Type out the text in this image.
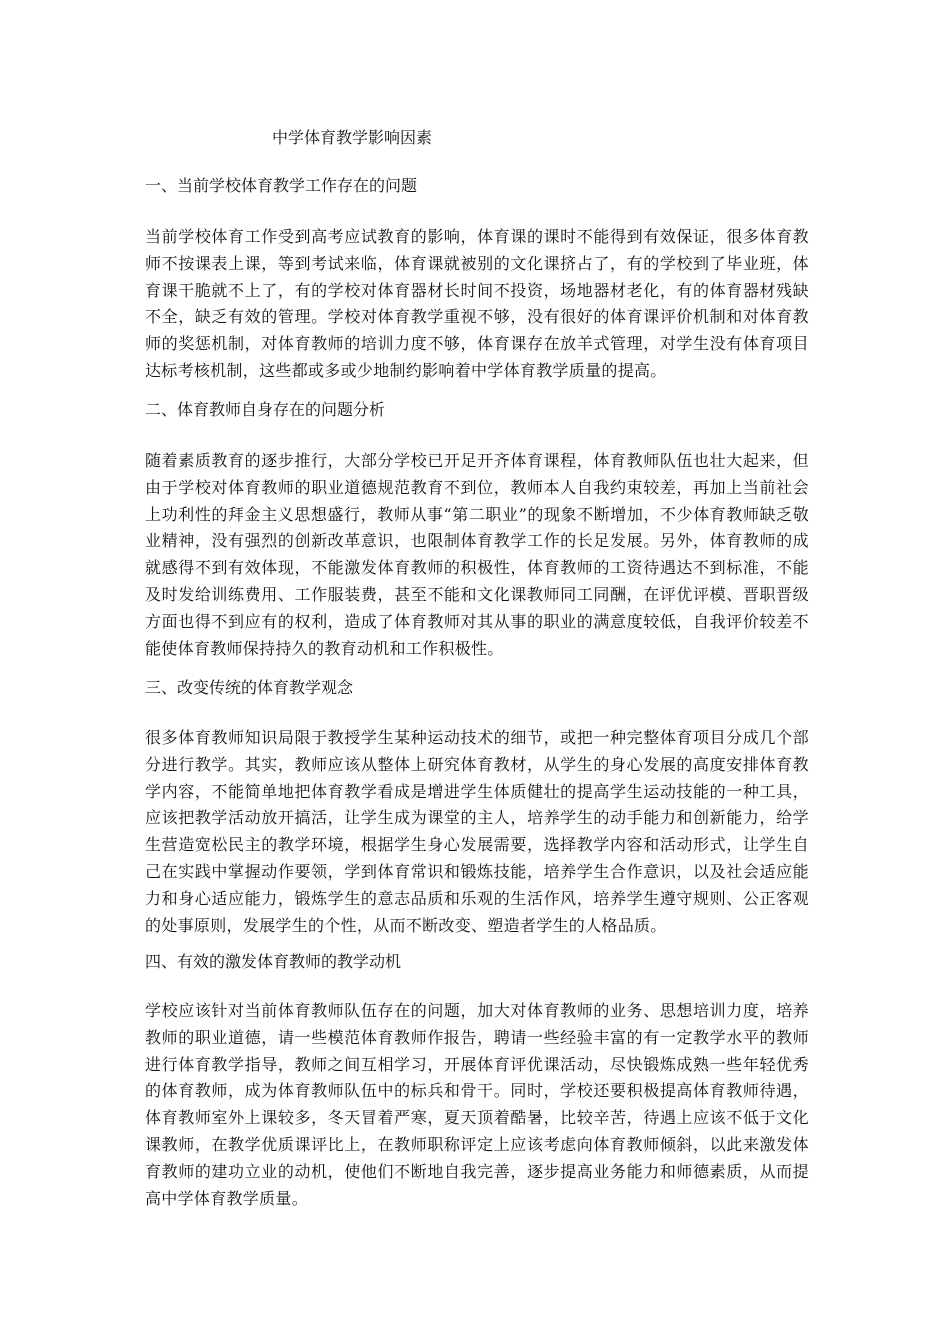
中学体育教学影响因素
一、当前学校体育教学工作存在的问题

当前学校体育工作受到高考应试教育的影响，体育课的课时不能得到有效保证，很多体育教师不按课表上课，等到考试来临，体育课就被别的文化课挤占了，有的学校到了毕业班，体育课干脆就不上了，有的学校对体育器材长时间不投资，场地器材老化，有的体育器材残缺不全，缺乏有效的管理。学校对体育教学重视不够，没有很好的体育课评价机制和对体育教师的奖惩机制，对体育教师的培训力度不够，体育课存在放羊式管理，对学生没有体育项目达标考核机制，这些都或多或少地制约影响着中学体育教学质量的提高。

二、体育教师自身存在的问题分析

随着素质教育的逐步推行，大部分学校已开足开齐体育课程，体育教师队伍也壮大起来，但由于学校对体育教师的职业道德规范教育不到位，教师本人自我约束较差，再加上当前社会上功利性的拜金主义思想盛行，教师从事“第二职业”的现象不断增加，不少体育教师缺乏敬业精神，没有强烈的创新改革意识，也限制体育教学工作的长足发展。另外，体育教师的成就感得不到有效体现，不能激发体育教师的积极性，体育教师的工资待遇达不到标准，不能及时发给训练费用、工作服装费，甚至不能和文化课教师同工同酬，在评优评模、晋职晋级方面也得不到应有的权利，造成了体育教师对其从事的职业的满意度较低，自我评价较差不能使体育教师保持持久的教育动机和工作积极性。

三、改变传统的体育教学观念

很多体育教师知识局限于教授学生某种运动技术的细节，或把一种完整体育项目分成几个部分进行教学。其实，教师应该从整体上研究体育教材，从学生的身心发展的高度安排体育教学内容，不能简单地把体育教学看成是增进学生体质健壮的提高学生运动技能的一种工具，应该把教学活动放开搞活，让学生成为课堂的主人，培养学生的动手能力和创新能力，给学生营造宽松民主的教学环境，根据学生身心发展需要，选择教学内容和活动形式，让学生自己在实践中掌握动作要领，学到体育常识和锻炼技能，培养学生合作意识，以及社会适应能力和身心适应能力，锻炼学生的意志品质和乐观的生活作风，培养学生遵守规则、公正客观的处事原则，发展学生的个性，从而不断改变、塑造者学生的人格品质。

四、有效的激发体育教师的教学动机

学校应该针对当前体育教师队伍存在的问题，加大对体育教师的业务、思想培训力度，培养教师的职业道德，请一些模范体育教师作报告，聘请一些经验丰富的有一定教学水平的教师进行体育教学指导，教师之间互相学习，开展体育评优课活动，尽快锻炼成熟一些年轻优秀的体育教师，成为体育教师队伍中的标兵和骨干。同时，学校还要积极提高体育教师待遇，体育教师室外上课较多，冬天冒着严寒，夏天顶着酷暑，比较辛苦，待遇上应该不低于文化课教师，在教学优质课评比上，在教师职称评定上应该考虑向体育教师倾斜，以此来激发体育教师的建功立业的动机，使他们不断地自我完善，逐步提高业务能力和师德素质，从而提高中学体育教学质量。
